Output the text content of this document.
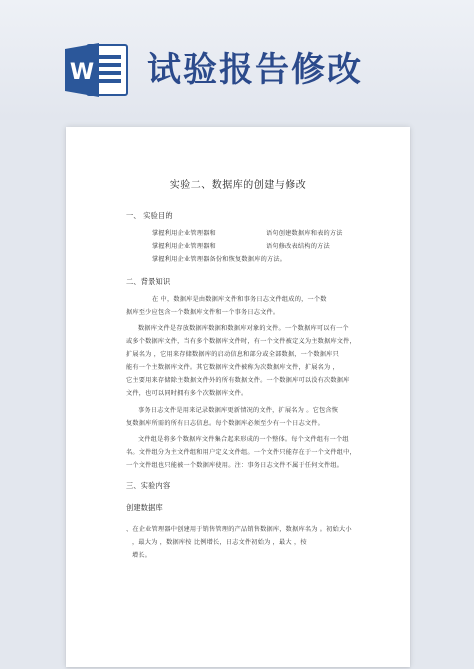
W 试验报告修改

实验二、数据库的创建与修改
一、 实验目的
掌握利用企业管理器和	语句创建数据库和表的方法
掌握利用企业管理器和	语句修改表结构的方法
掌握利用企业管理器备份和恢复数据库的方法。
二、背景知识
在 中，数据库是由数据库文件和事务日志文件组成的，一个数
据库至少应包含一个数据库文件和一个事务日志文件。
数据库文件是存放数据库数据和数据库对象的文件。一个数据库可以有一个
或多个数据库文件，当有多个数据库文件时，有一个文件被定义为主数据库文件，
扩展名为 ，它用来存储数据库的启动信息和部分或全部数据，一个数据库只
能有一个主数据库文件。其它数据库文件被称为次数据库文件，扩展名为 ，
它主要用来存储除主数据文件外的所有数据文件。一个数据库可以没有次数据库
文件，也可以同时拥有多个次数据库文件。
事务日志文件是用来记录数据库更新情况的文件，扩展名为 。它包含恢
复数据库所需的所有日志信息。每个数据库必须至少有一个日志文件。
文件组是将多个数据库文件集合起来形成的一个整体。每个文件组有一个组
名。文件组分为主文件组和用户定义文件组。一个文件只能存在于一个文件组中，
一个文件组也只能被一个数据库使用。注：事务日志文件不属于任何文件组。
三、实验内容
创建数据库
、在企业管理器中创建用于销售管理的产品销售数据库，数据库名为 。初始大小
，最大为 ，数据库按 比例增长，日志文件初始为 ，最大 ，按
增长。
